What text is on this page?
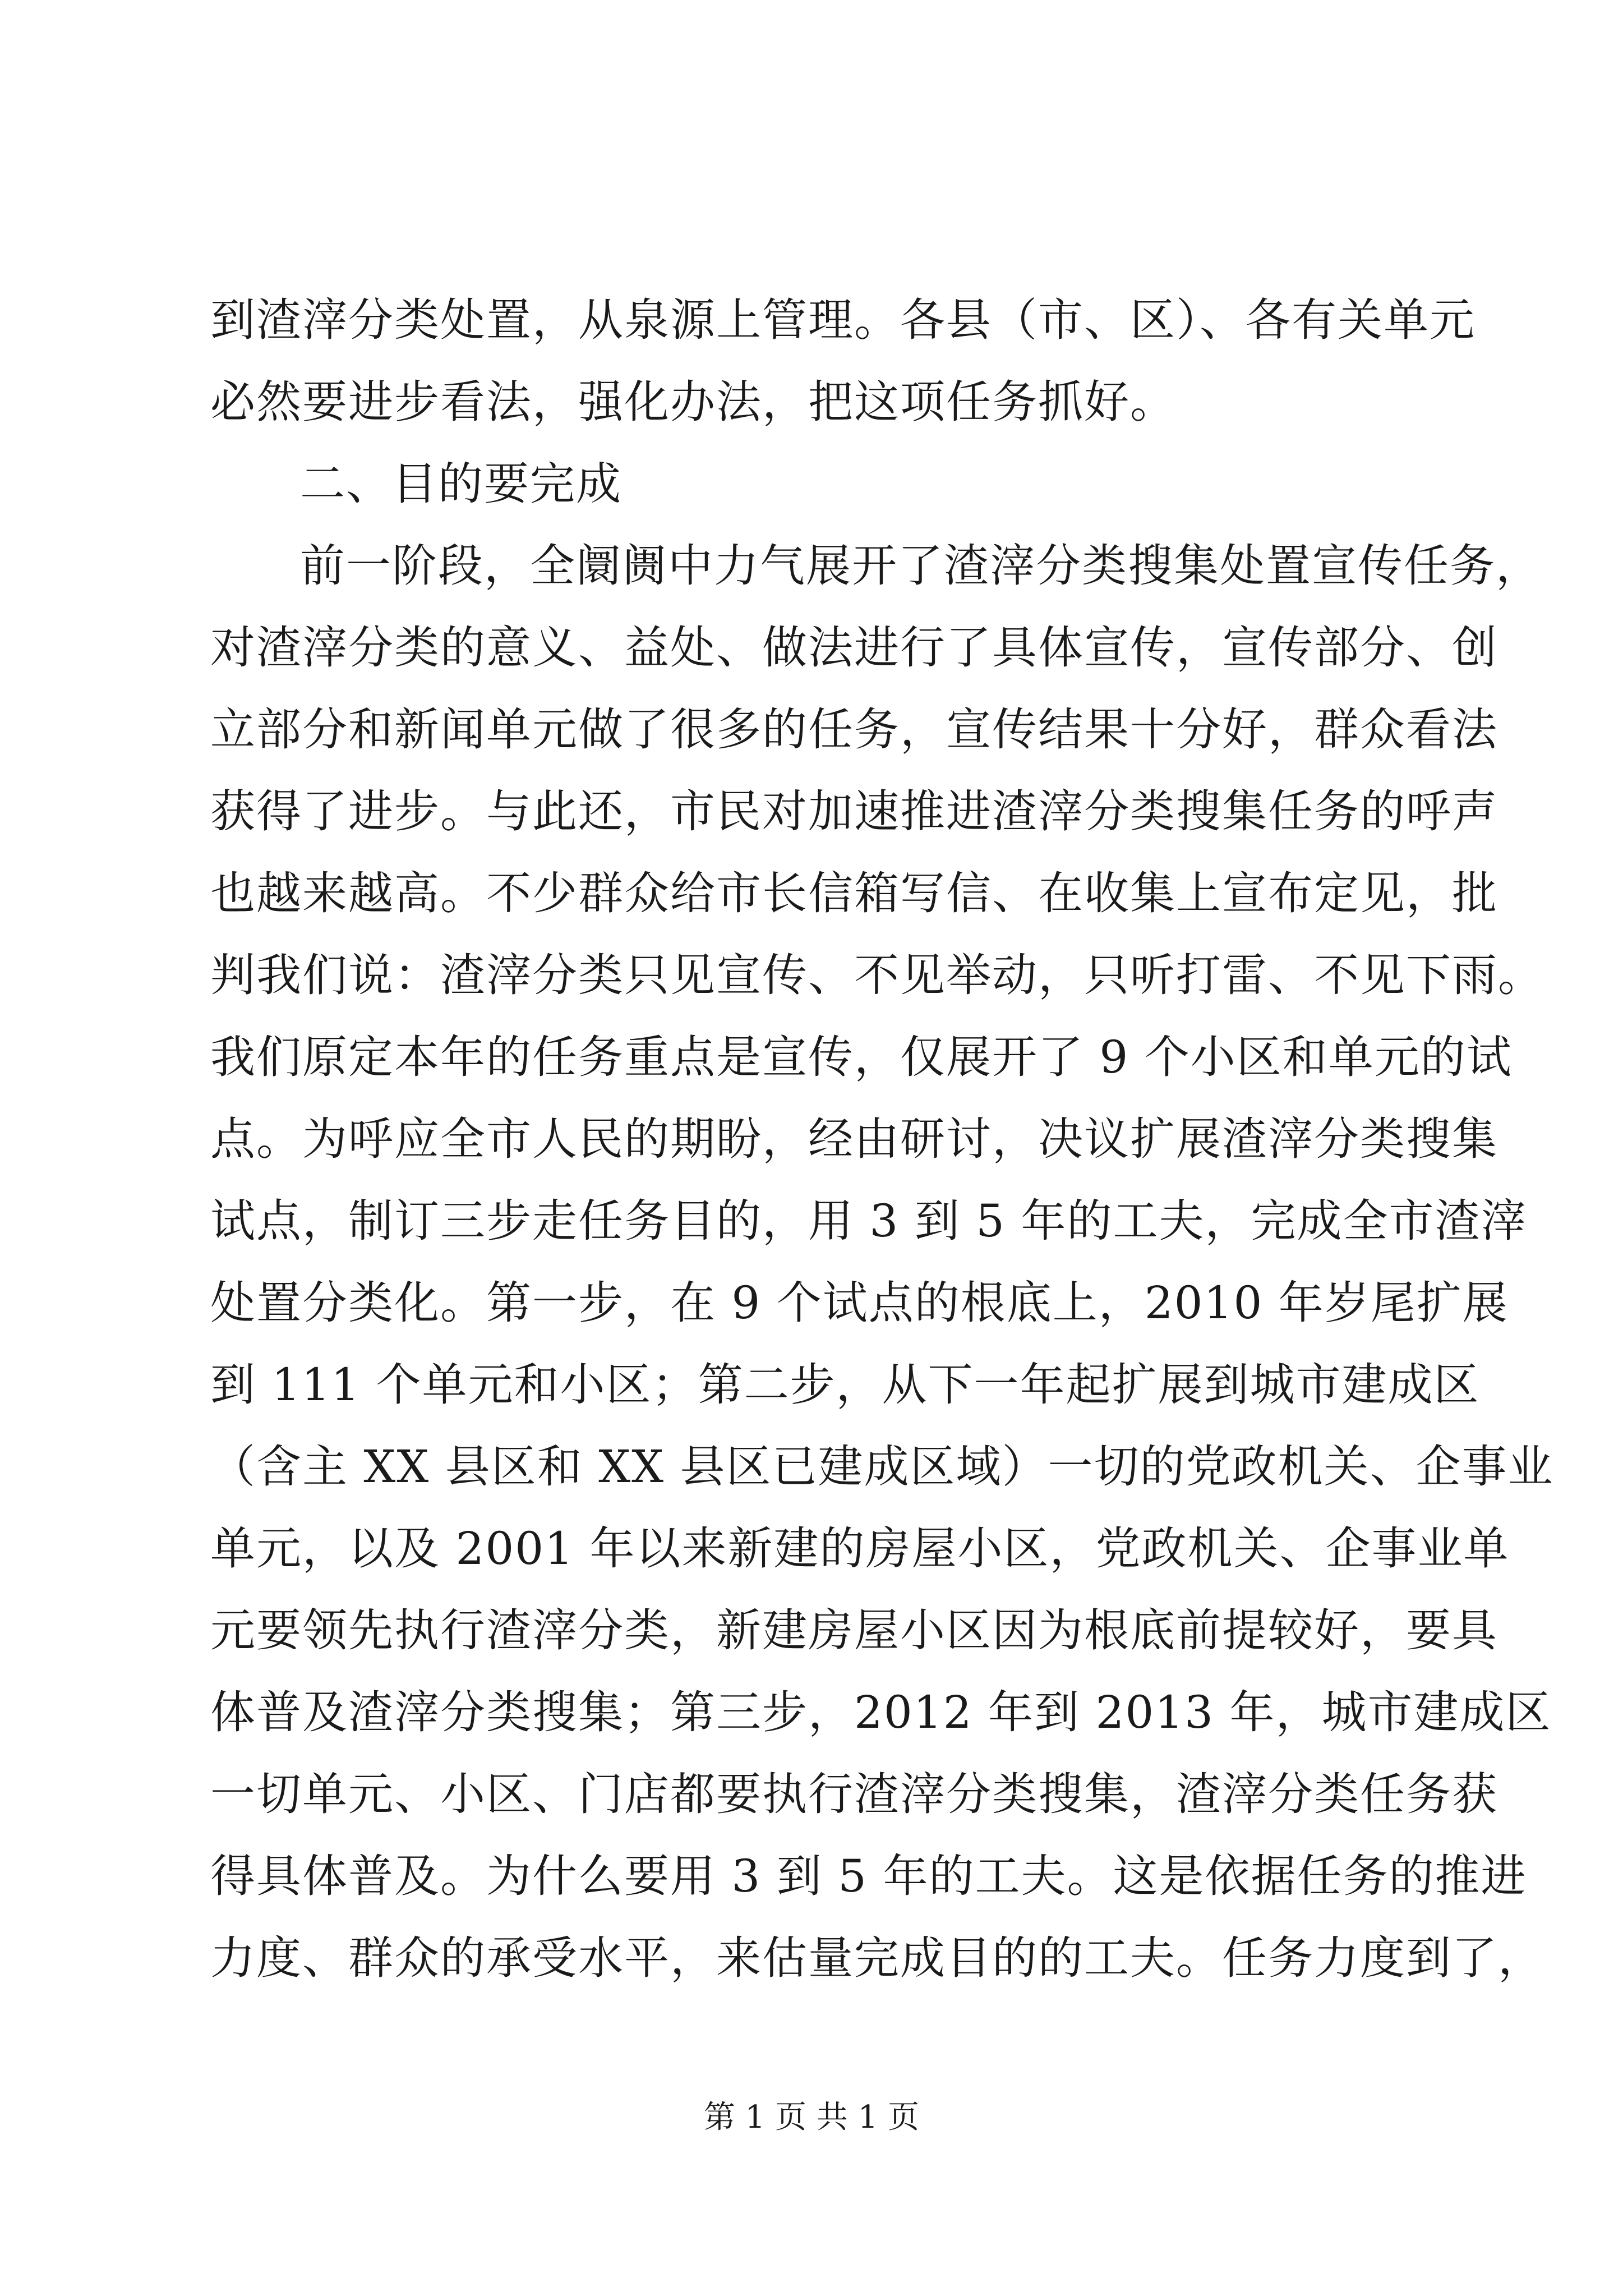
到渣滓分类处置，从泉源上管理。各县（市、区）、各有关单元
必然要进步看法，强化办法，把这项任务抓好。
二、目的要完成
前一阶段，全阛阓中力气展开了渣滓分类搜集处置宣传任务，
对渣滓分类的意义、益处、做法进行了具体宣传，宣传部分、创
立部分和新闻单元做了很多的任务，宣传结果十分好，群众看法
获得了进步。与此还，市民对加速推进渣滓分类搜集任务的呼声
也越来越高。不少群众给市长信箱写信、在收集上宣布定见，批
判我们说：渣滓分类只见宣传、不见举动，只听打雷、不见下雨。
我们原定本年的任务重点是宣传，仅展开了 9 个小区和单元的试
点。为呼应全市人民的期盼，经由研讨，决议扩展渣滓分类搜集
试点，制订三步走任务目的，用 3 到 5 年的工夫，完成全市渣滓
处置分类化。第一步，在 9 个试点的根底上，2010 年岁尾扩展
到 111 个单元和小区；第二步，从下一年起扩展到城市建成区
（含主 XX 县区和 XX 县区已建成区域）一切的党政机关、企事业
单元，以及 2001 年以来新建的房屋小区，党政机关、企事业单
元要领先执行渣滓分类，新建房屋小区因为根底前提较好，要具
体普及渣滓分类搜集；第三步，2012 年到 2013 年，城市建成区
一切单元、小区、门店都要执行渣滓分类搜集，渣滓分类任务获
得具体普及。为什么要用 3 到 5 年的工夫。这是依据任务的推进
力度、群众的承受水平，来估量完成目的的工夫。任务力度到了，
第 1 页 共 1 页
